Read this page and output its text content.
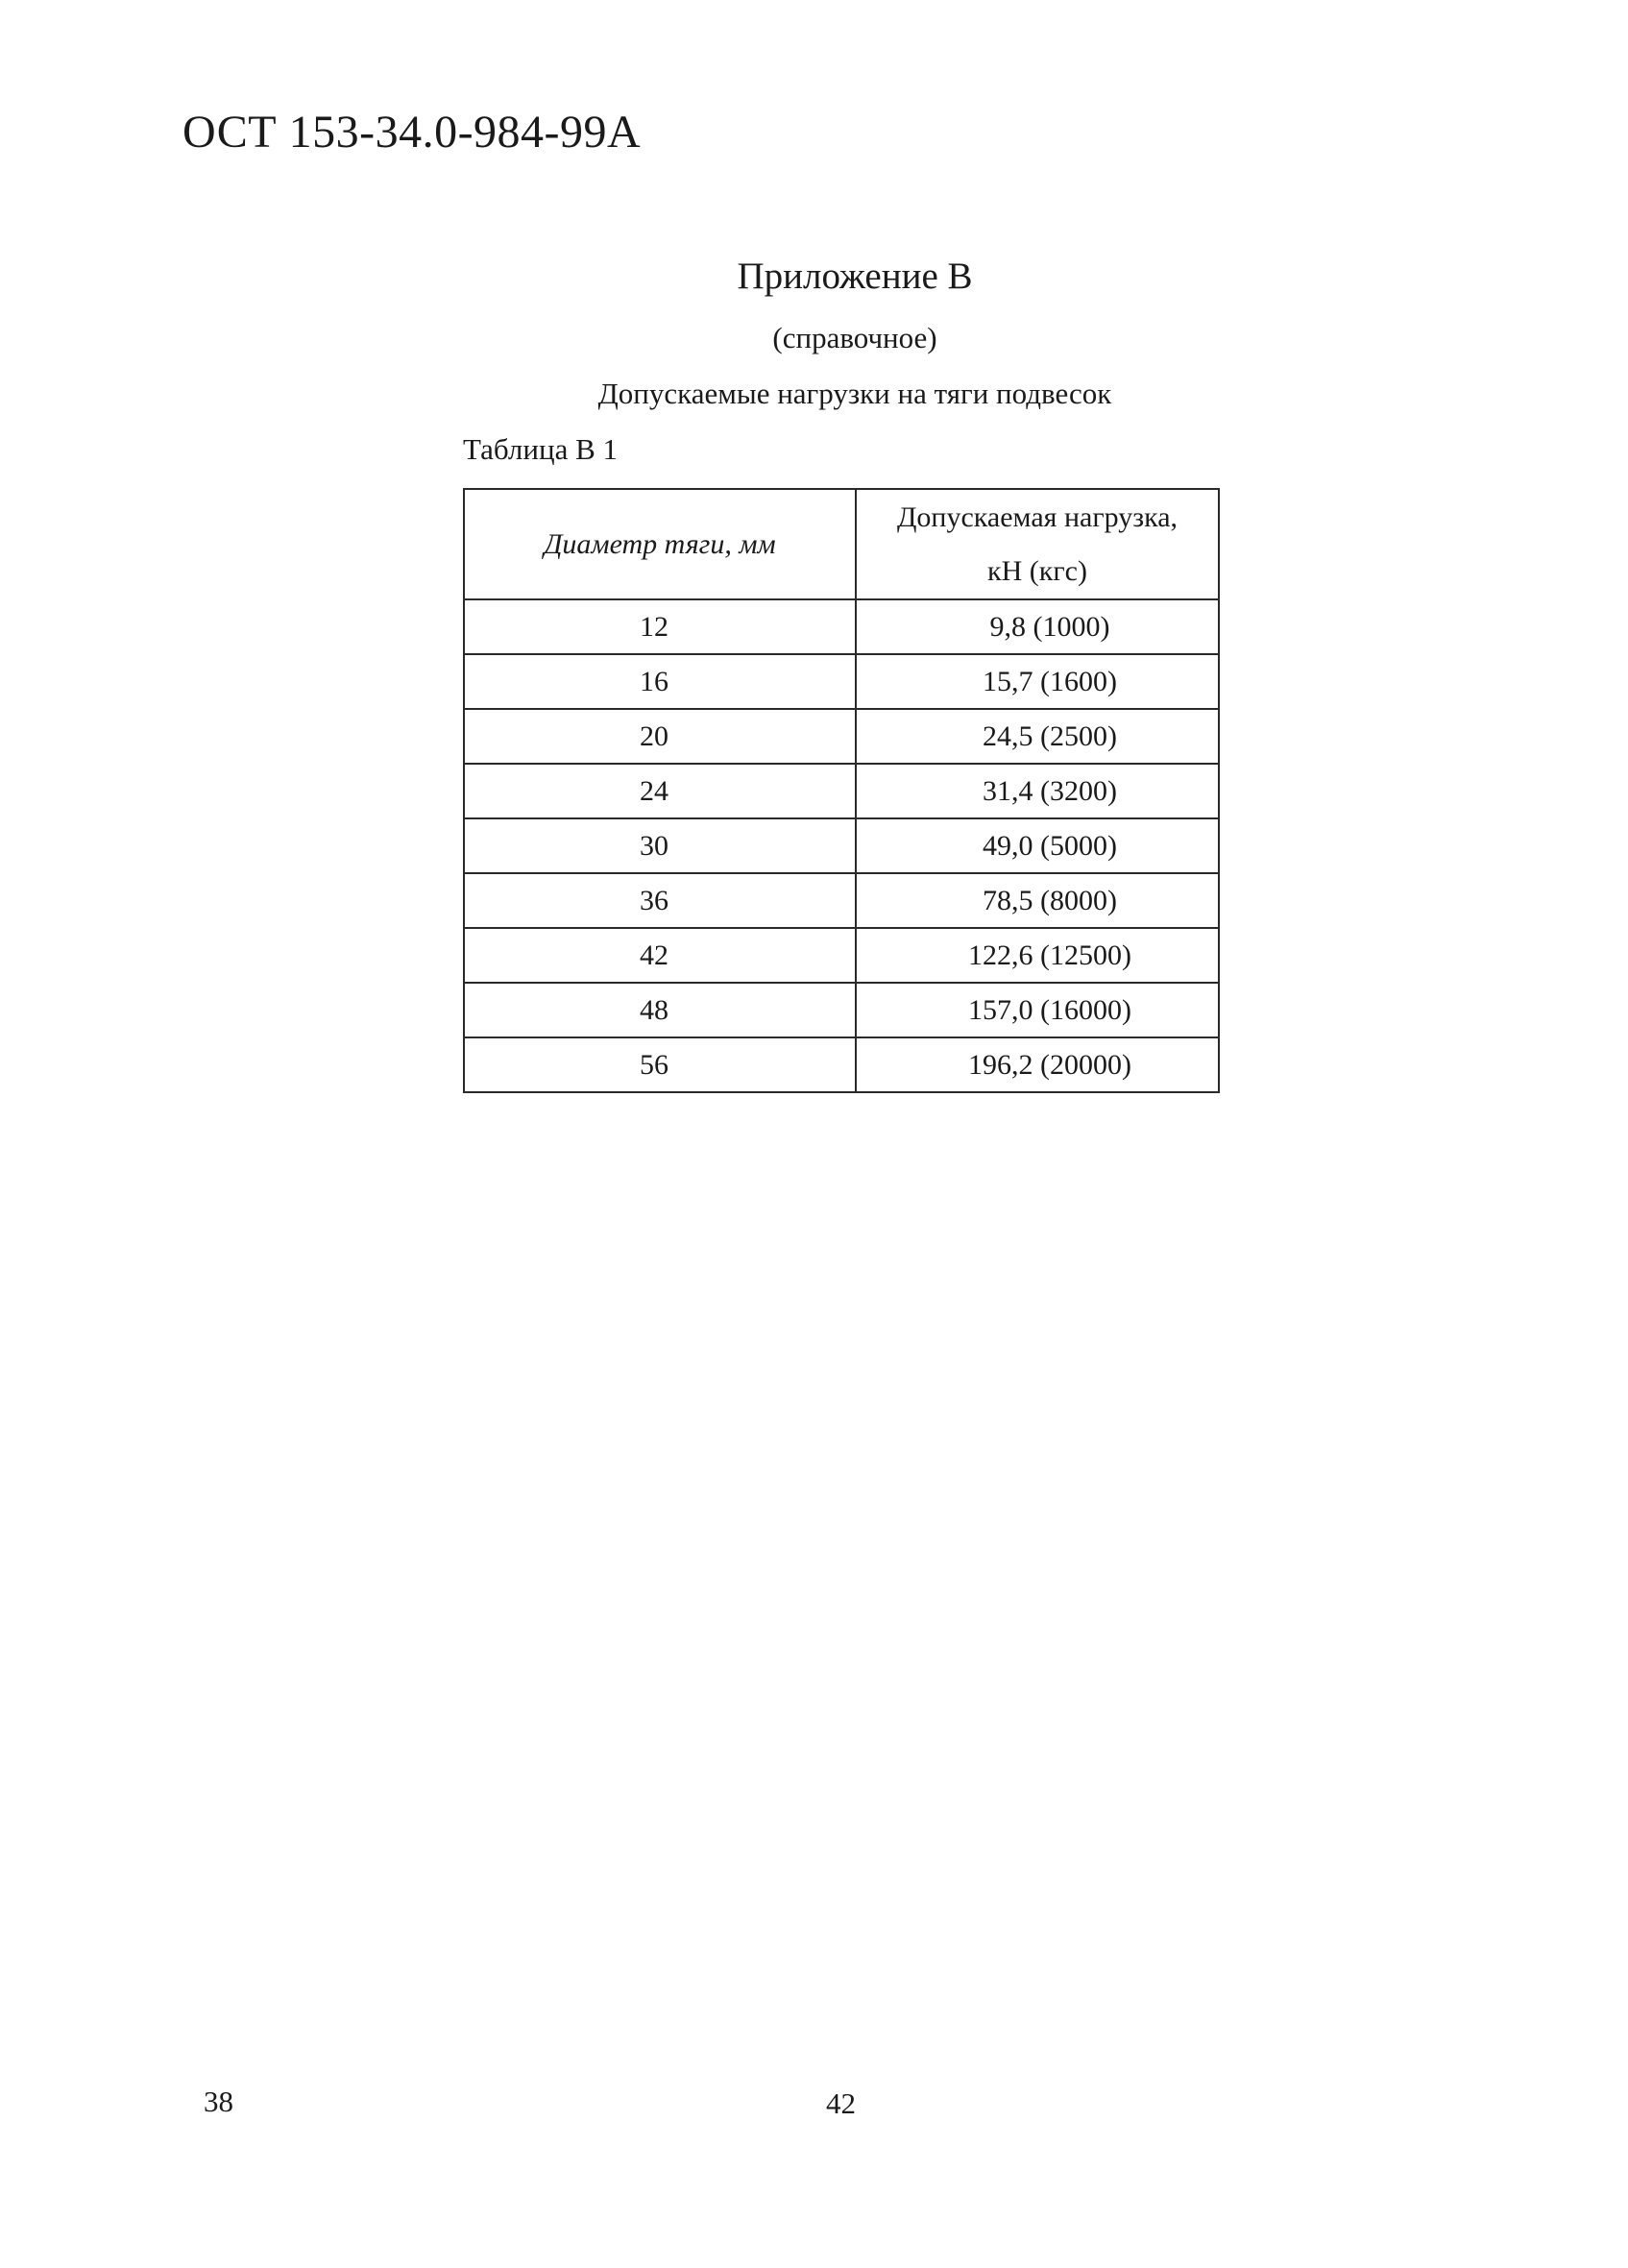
ОСТ 153-34.0-984-99А
Приложение В
(справочное)
Допускаемые нагрузки на тяги подвесок
Таблица В 1
Диаметр тяги, мм	Допускаемая нагрузка,
кН (кгс)

12	9,8 (1000)
16	15,7 (1600)
20	24,5 (2500)
24	31,4 (3200)
30	49,0 (5000)
36	78,5 (8000)
42	122,6 (12500)
48	157,0 (16000)
56	196,2 (20000)
38	42
